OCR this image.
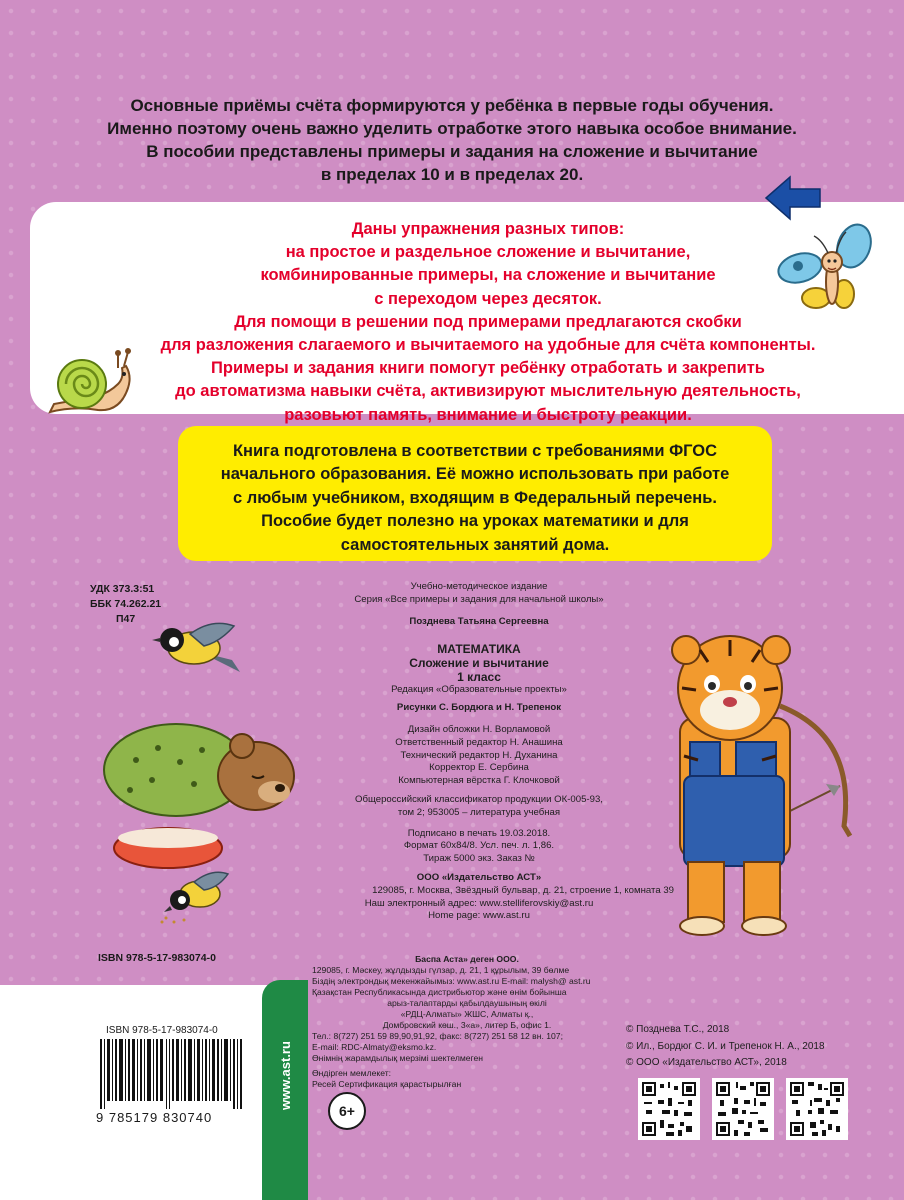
Основные приёмы счёта формируются у ребёнка в первые годы обучения.
Именно поэтому очень важно уделить отработке этого навыка особое внимание.
В пособии представлены примеры и задания на сложение и вычитание
в пределах 10 и в пределах 20.
Даны упражнения разных типов:
на простое и раздельное сложение и вычитание,
комбинированные примеры, на сложение и вычитание
с переходом через десяток.
Для помощи в решении под примерами предлагаются скобки
для разложения слагаемого и вычитаемого на удобные для счёта компоненты.
Примеры и задания книги помогут ребёнку отработать и закрепить
до автоматизма навыки счёта, активизируют мыслительную деятельность,
разовьют память, внимание и быстроту реакции.
Книга подготовлена в соответствии с требованиями ФГОС
начального образования. Её можно использовать при работе
с любым учебником, входящим в Федеральный перечень.
Пособие будет полезно на уроках математики и для
самостоятельных занятий дома.
УДК 373.3:51
ББК 74.262.21
П47
Учебно-методическое издание
Серия «Все примеры и задания для начальной школы»
Позднева Татьяна Сергеевна
МАТЕМАТИКА
Сложение и вычитание
1 класс
Редакция «Образовательные проекты»
Рисунки С. Бордюга и Н. Трепенок
Дизайн обложки Н. Ворламовой
Ответственный редактор Н. Анашина
Технический редактор Н. Духанина
Корректор Е. Сербина
Компьютерная вёрстка Г. Клочковой
Общероссийский классификатор продукции ОК-005-93,
том 2; 953005 – литература учебная
Подписано в печать 19.03.2018.
Формат 60x84/8. Усл. печ. л. 1,86.
Тираж 5000 экз. Заказ №
ООО «Издательство АСТ»
129085, г. Москва, Звёздный бульвар, д. 21, строение 1, комната 39
Наш электронный адрес: www.stelliferovskiy@ast.ru
Home page: www.ast.ru
ISBN 978-5-17-983074-0	Баспа Аста» деген ООО.
129085, г. Мәскеу, жұлдызды гүлзар, д. 21, 1 құрылым, 39 бөлме
Біздің электрондық мекенжайымыз: www.ast.ru E-mail: malysh@ ast.ru
Қазақстан Республикасында дистрибьютор және өнім бойынша
арыз-талаптарды қабылдаушының өкілі
«РДЦ-Алматы» ЖШС, Алматы қ.,
Домбровский көш., 3«а», литер Б, офис 1.
Тел.: 8(727) 251 59 89,90,91,92, факс: 8(727) 251 58 12 вн. 107;
E-mail: RDC-Almaty@eksmo.kz.
Өнімнің жарамдылық мерзімі шектелмеген
Өндірген мемлекет:
Ресей Сертификация қарастырылған
ISBN 978-5-17-983074-0
9 785179 830740
www.ast.ru
6+
© Позднева Т.С., 2018
© Ил., Бордюг С. И. и Трепенок Н. А., 2018
© ООО «Издательство АСТ», 2018
